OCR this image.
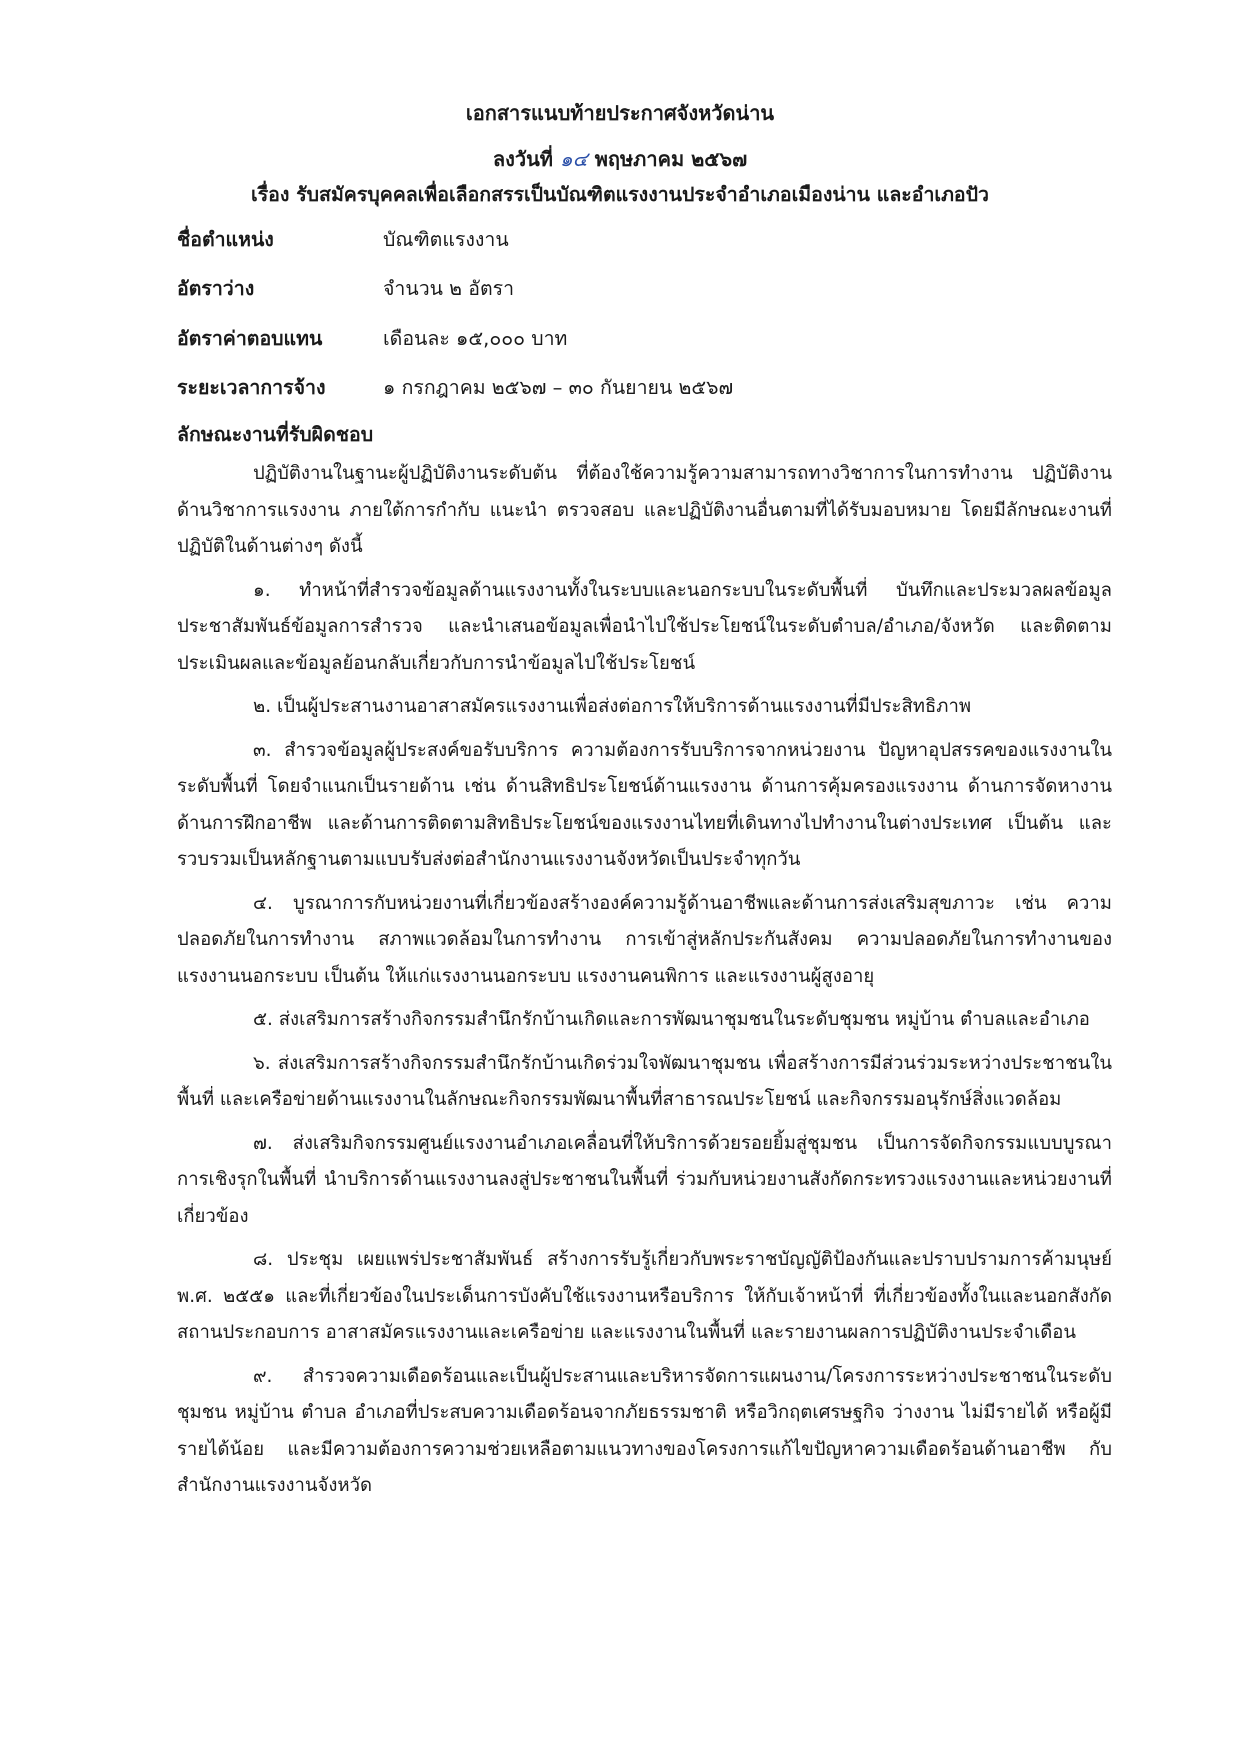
เอกสารแนบท้ายประกาศจังหวัดน่าน
ลงวันที่ ๑๔ พฤษภาคม ๒๕๖๗
เรื่อง รับสมัครบุคคลเพื่อเลือกสรรเป็นบัณฑิตแรงงานประจำอำเภอเมืองน่าน และอำเภอปัว
ชื่อตำแหน่ง	บัณฑิตแรงงาน
อัตราว่าง	จำนวน ๒ อัตรา
อัตราค่าตอบแทน	เดือนละ ๑๕,๐๐๐ บาท
ระยะเวลาการจ้าง	๑ กรกฎาคม ๒๕๖๗ – ๓๐ กันยายน ๒๕๖๗
ลักษณะงานที่รับผิดชอบ

ปฏิบัติงานในฐานะผู้ปฏิบัติงานระดับต้น ที่ต้องใช้ความรู้ความสามารถทางวิชาการในการทำงาน ปฏิบัติงานด้านวิชาการแรงงาน ภายใต้การกำกับ แนะนำ ตรวจสอบ และปฏิบัติงานอื่นตามที่ได้รับมอบหมาย โดยมีลักษณะงานที่ปฏิบัติในด้านต่างๆ ดังนี้

๑. ทำหน้าที่สำรวจข้อมูลด้านแรงงานทั้งในระบบและนอกระบบในระดับพื้นที่ บันทึกและประมวลผลข้อมูล ประชาสัมพันธ์ข้อมูลการสำรวจ และนำเสนอข้อมูลเพื่อนำไปใช้ประโยชน์ในระดับตำบล/อำเภอ/จังหวัด และติดตามประเมินผลและข้อมูลย้อนกลับเกี่ยวกับการนำข้อมูลไปใช้ประโยชน์

๒. เป็นผู้ประสานงานอาสาสมัครแรงงานเพื่อส่งต่อการให้บริการด้านแรงงานที่มีประสิทธิภาพ

๓. สำรวจข้อมูลผู้ประสงค์ขอรับบริการ ความต้องการรับบริการจากหน่วยงาน ปัญหาอุปสรรคของแรงงานในระดับพื้นที่ โดยจำแนกเป็นรายด้าน เช่น ด้านสิทธิประโยชน์ด้านแรงงาน ด้านการคุ้มครองแรงงาน ด้านการจัดหางาน ด้านการฝึกอาชีพ และด้านการติดตามสิทธิประโยชน์ของแรงงานไทยที่เดินทางไปทำงานในต่างประเทศ เป็นต้น และรวบรวมเป็นหลักฐานตามแบบรับส่งต่อสำนักงานแรงงานจังหวัดเป็นประจำทุกวัน

๔. บูรณาการกับหน่วยงานที่เกี่ยวข้องสร้างองค์ความรู้ด้านอาชีพและด้านการส่งเสริมสุขภาวะ เช่น ความปลอดภัยในการทำงาน สภาพแวดล้อมในการทำงาน การเข้าสู่หลักประกันสังคม ความปลอดภัยในการทำงานของแรงงานนอกระบบ เป็นต้น ให้แก่แรงงานนอกระบบ แรงงานคนพิการ และแรงงานผู้สูงอายุ

๕. ส่งเสริมการสร้างกิจกรรมสำนึกรักบ้านเกิดและการพัฒนาชุมชนในระดับชุมชน หมู่บ้าน ตำบลและอำเภอ

๖. ส่งเสริมการสร้างกิจกรรมสำนึกรักบ้านเกิดร่วมใจพัฒนาชุมชน เพื่อสร้างการมีส่วนร่วมระหว่างประชาชนในพื้นที่ และเครือข่ายด้านแรงงานในลักษณะกิจกรรมพัฒนาพื้นที่สาธารณประโยชน์ และกิจกรรมอนุรักษ์สิ่งแวดล้อม

๗. ส่งเสริมกิจกรรมศูนย์แรงงานอำเภอเคลื่อนที่ให้บริการด้วยรอยยิ้มสู่ชุมชน เป็นการจัดกิจกรรมแบบบูรณาการเชิงรุกในพื้นที่ นำบริการด้านแรงงานลงสู่ประชาชนในพื้นที่ ร่วมกับหน่วยงานสังกัดกระทรวงแรงงานและหน่วยงานที่เกี่ยวข้อง

๘. ประชุม เผยแพร่ประชาสัมพันธ์ สร้างการรับรู้เกี่ยวกับพระราชบัญญัติป้องกันและปราบปรามการค้ามนุษย์ พ.ศ. ๒๕๕๑ และที่เกี่ยวข้องในประเด็นการบังคับใช้แรงงานหรือบริการ ให้กับเจ้าหน้าที่ ที่เกี่ยวข้องทั้งในและนอกสังกัด สถานประกอบการ อาสาสมัครแรงงานและเครือข่าย และแรงงานในพื้นที่ และรายงานผลการปฏิบัติงานประจำเดือน

๙. สำรวจความเดือดร้อนและเป็นผู้ประสานและบริหารจัดการแผนงาน/โครงการระหว่างประชาชนในระดับชุมชน หมู่บ้าน ตำบล อำเภอที่ประสบความเดือดร้อนจากภัยธรรมชาติ หรือวิกฤตเศรษฐกิจ ว่างงาน ไม่มีรายได้ หรือผู้มีรายได้น้อย และมีความต้องการความช่วยเหลือตามแนวทางของโครงการแก้ไขปัญหาความเดือดร้อนด้านอาชีพ กับสำนักงานแรงงานจังหวัด
